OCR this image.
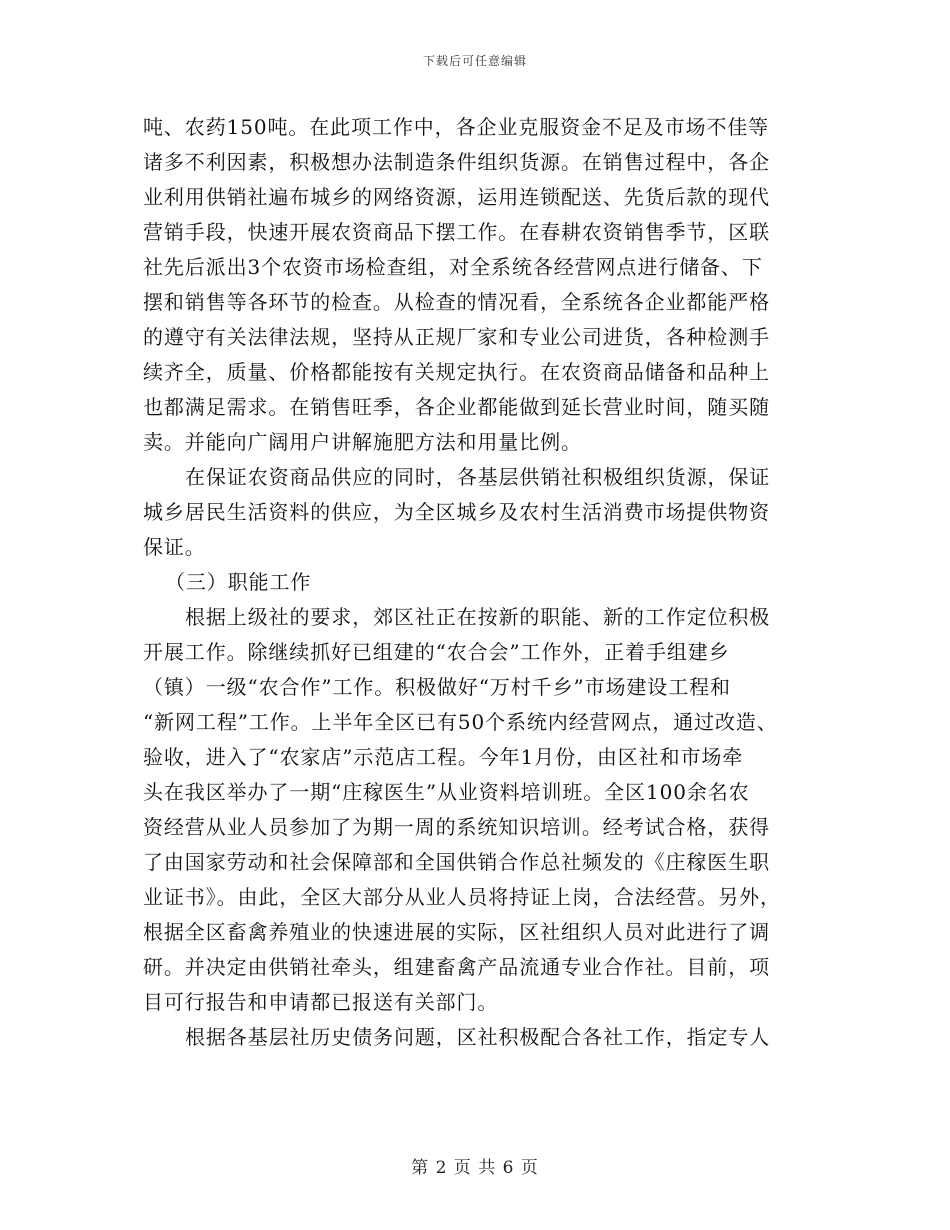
下载后可任意编辑
吨、农药150吨。在此项工作中，各企业克服资金不足及市场不佳等
诸多不利因素，积极想办法制造条件组织货源。在销售过程中，各企
业利用供销社遍布城乡的网络资源，运用连锁配送、先货后款的现代
营销手段，快速开展农资商品下摆工作。在春耕农资销售季节，区联
社先后派出3个农资市场检查组，对全系统各经营网点进行储备、下
摆和销售等各环节的检查。从检查的情况看，全系统各企业都能严格
的遵守有关法律法规，坚持从正规厂家和专业公司进货，各种检测手
续齐全，质量、价格都能按有关规定执行。在农资商品储备和品种上
也都满足需求。在销售旺季，各企业都能做到延长营业时间，随买随
卖。并能向广阔用户讲解施肥方法和用量比例。
在保证农资商品供应的同时，各基层供销社积极组织货源，保证
城乡居民生活资料的供应，为全区城乡及农村生活消费市场提供物资
保证。
（三）职能工作
根据上级社的要求，郊区社正在按新的职能、新的工作定位积极
开展工作。除继续抓好已组建的“农合会”工作外，正着手组建乡
（镇）一级“农合作”工作。积极做好“万村千乡”市场建设工程和
“新网工程”工作。上半年全区已有50个系统内经营网点，通过改造、
验收，进入了“农家店”示范店工程。今年1月份，由区社和市场牵
头在我区举办了一期“庄稼医生”从业资料培训班。全区100余名农
资经营从业人员参加了为期一周的系统知识培训。经考试合格，获得
了由国家劳动和社会保障部和全国供销合作总社频发的《庄稼医生职
业证书》。由此，全区大部分从业人员将持证上岗，合法经营。另外，
根据全区畜禽养殖业的快速进展的实际，区社组织人员对此进行了调
研。并决定由供销社牵头，组建畜禽产品流通专业合作社。目前，项
目可行报告和申请都已报送有关部门。
根据各基层社历史债务问题，区社积极配合各社工作，指定专人
第 2 页 共 6 页
